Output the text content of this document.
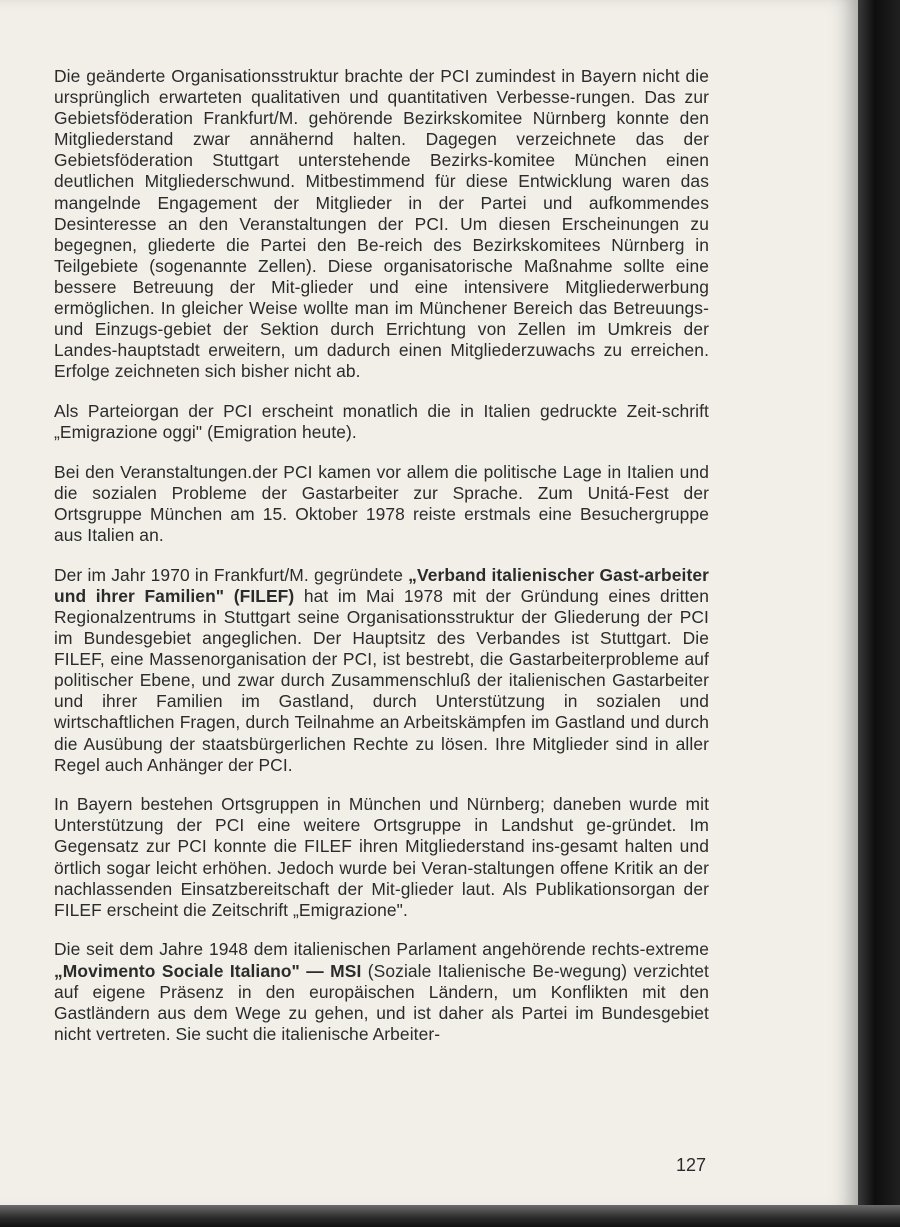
Die geänderte Organisationsstruktur brachte der PCI zumindest in Bayern nicht die ursprünglich erwarteten qualitativen und quantitativen Verbesse-rungen. Das zur Gebietsföderation Frankfurt/M. gehörende Bezirkskomitee Nürnberg konnte den Mitgliederstand zwar annähernd halten. Dagegen verzeichnete das der Gebietsföderation Stuttgart unterstehende Bezirks-komitee München einen deutlichen Mitgliederschwund. Mitbestimmend für diese Entwicklung waren das mangelnde Engagement der Mitglieder in der Partei und aufkommendes Desinteresse an den Veranstaltungen der PCI. Um diesen Erscheinungen zu begegnen, gliederte die Partei den Be-reich des Bezirkskomitees Nürnberg in Teilgebiete (sogenannte Zellen). Diese organisatorische Maßnahme sollte eine bessere Betreuung der Mit-glieder und eine intensivere Mitgliederwerbung ermöglichen. In gleicher Weise wollte man im Münchener Bereich das Betreuungs- und Einzugs-gebiet der Sektion durch Errichtung von Zellen im Umkreis der Landes-hauptstadt erweitern, um dadurch einen Mitgliederzuwachs zu erreichen. Erfolge zeichneten sich bisher nicht ab.

Als Parteiorgan der PCI erscheint monatlich die in Italien gedruckte Zeit-schrift „Emigrazione oggi" (Emigration heute).

Bei den Veranstaltungen.der PCI kamen vor allem die politische Lage in Italien und die sozialen Probleme der Gastarbeiter zur Sprache. Zum Unitá-Fest der Ortsgruppe München am 15. Oktober 1978 reiste erstmals eine Besuchergruppe aus Italien an.

Der im Jahr 1970 in Frankfurt/M. gegründete „Verband italienischer Gast-arbeiter und ihrer Familien" (FILEF) hat im Mai 1978 mit der Gründung eines dritten Regionalzentrums in Stuttgart seine Organisationsstruktur der Gliederung der PCI im Bundesgebiet angeglichen. Der Hauptsitz des Verbandes ist Stuttgart. Die FILEF, eine Massenorganisation der PCI, ist bestrebt, die Gastarbeiterprobleme auf politischer Ebene, und zwar durch Zusammenschluß der italienischen Gastarbeiter und ihrer Familien im Gastland, durch Unterstützung in sozialen und wirtschaftlichen Fragen, durch Teilnahme an Arbeitskämpfen im Gastland und durch die Ausübung der staatsbürgerlichen Rechte zu lösen. Ihre Mitglieder sind in aller Regel auch Anhänger der PCI.

In Bayern bestehen Ortsgruppen in München und Nürnberg; daneben wurde mit Unterstützung der PCI eine weitere Ortsgruppe in Landshut ge-gründet. Im Gegensatz zur PCI konnte die FILEF ihren Mitgliederstand ins-gesamt halten und örtlich sogar leicht erhöhen. Jedoch wurde bei Veran-staltungen offene Kritik an der nachlassenden Einsatzbereitschaft der Mit-glieder laut. Als Publikationsorgan der FILEF erscheint die Zeitschrift „Emigrazione".

Die seit dem Jahre 1948 dem italienischen Parlament angehörende rechts-extreme „Movimento Sociale Italiano" — MSI (Soziale Italienische Be-wegung) verzichtet auf eigene Präsenz in den europäischen Ländern, um Konflikten mit den Gastländern aus dem Wege zu gehen, und ist daher als Partei im Bundesgebiet nicht vertreten. Sie sucht die italienische Arbeiter-

127
